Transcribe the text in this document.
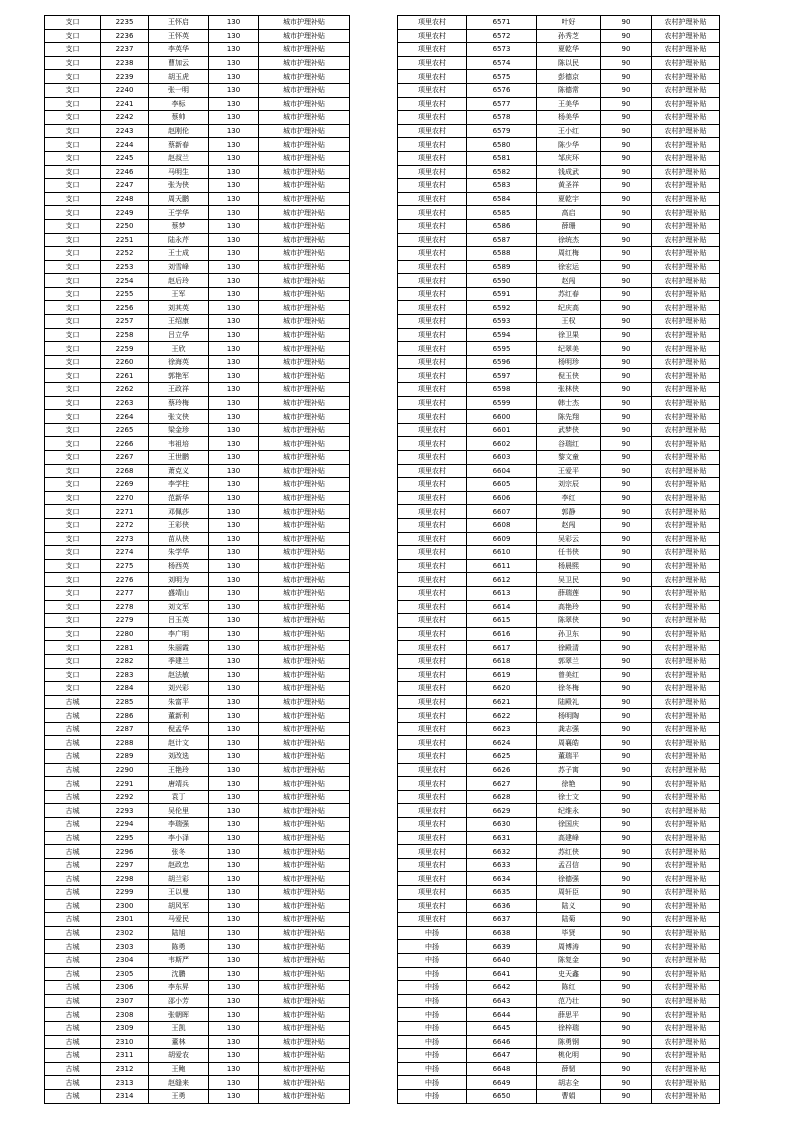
支口	2235	王怀启	130	城市护理补贴
支口	2236	王怀英	130	城市护理补贴
支口	2237	李英华	130	城市护理补贴
支口	2238	曹加云	130	城市护理补贴
支口	2239	胡玉虎	130	城市护理补贴
支口	2240	张一明	130	城市护理补贴
支口	2241	李标	130	城市护理补贴
支口	2242	蔡帅	130	城市护理补贴
支口	2243	赵刚伦	130	城市护理补贴
支口	2244	蔡新春	130	城市护理补贴
支口	2245	赵叔兰	130	城市护理补贴
支口	2246	马明生	130	城市护理补贴
支口	2247	张为侠	130	城市护理补贴
支口	2248	周天鹏	130	城市护理补贴
支口	2249	王学华	130	城市护理补贴
支口	2250	蔡梦	130	城市护理补贴
支口	2251	陆永芹	130	城市护理补贴
支口	2252	王士成	130	城市护理补贴
支口	2253	刘雪峰	130	城市护理补贴
支口	2254	赵后玲	130	城市护理补贴
支口	2255	王军	130	城市护理补贴
支口	2256	刘其英	130	城市护理补贴
支口	2257	王绍康	130	城市护理补贴
支口	2258	吕立华	130	城市护理补贴
支口	2259	王欣	130	城市护理补贴
支口	2260	徐海英	130	城市护理补贴
支口	2261	郭艳军	130	城市护理补贴
支口	2262	王政祥	130	城市护理补贴
支口	2263	蔡玲梅	130	城市护理补贴
支口	2264	张文侠	130	城市护理补贴
支口	2265	梁金珍	130	城市护理补贴
支口	2266	韦祖培	130	城市护理补贴
支口	2267	王世鹏	130	城市护理补贴
支口	2268	萧克义	130	城市护理补贴
支口	2269	李学柱	130	城市护理补贴
支口	2270	范新华	130	城市护理补贴
支口	2271	邓佩莎	130	城市护理补贴
支口	2272	王彩侠	130	城市护理补贴
支口	2273	苗从侠	130	城市护理补贴
支口	2274	朱学华	130	城市护理补贴
支口	2275	杨西英	130	城市护理补贴
支口	2276	刘明为	130	城市护理补贴
支口	2277	盛靖山	130	城市护理补贴
支口	2278	刘文军	130	城市护理补贴
支口	2279	吕玉英	130	城市护理补贴
支口	2280	李广明	130	城市护理补贴
支口	2281	朱丽霞	130	城市护理补贴
支口	2282	季建兰	130	城市护理补贴
支口	2283	赵法敏	130	城市护理补贴
支口	2284	刘兴彩	130	城市护理补贴
古城	2285	朱富平	130	城市护理补贴
古城	2286	董新利	130	城市护理补贴
古城	2287	倪孟华	130	城市护理补贴
古城	2288	赵计文	130	城市护理补贴
古城	2289	刘改选	130	城市护理补贴
古城	2290	王艳玲	130	城市护理补贴
古城	2291	唐靖兵	130	城市护理补贴
古城	2292	袁丁	130	城市护理补贴
古城	2293	吴伦里	130	城市护理补贴
古城	2294	李瑞强	130	城市护理补贴
古城	2295	李小泽	130	城市护理补贴
古城	2296	张冬	130	城市护理补贴
古城	2297	赵政忠	130	城市护理补贴
古城	2298	胡兰彩	130	城市护理补贴
古城	2299	王以曼	130	城市护理补贴
古城	2300	胡风军	130	城市护理补贴
古城	2301	马爱民	130	城市护理补贴
古城	2302	陆旭	130	城市护理补贴
古城	2303	陈勇	130	城市护理补贴
古城	2304	韦斯严	130	城市护理补贴
古城	2305	沈鹏	130	城市护理补贴
古城	2306	李东昇	130	城市护理补贴
古城	2307	邵小芳	130	城市护理补贴
古城	2308	张朝晖	130	城市护理补贴
古城	2309	王凯	130	城市护理补贴
古城	2310	董林	130	城市护理补贴
古城	2311	胡爱农	130	城市护理补贴
古城	2312	王鲍	130	城市护理补贴
古城	2313	赵缝来	130	城市护理补贴
古城	2314	王勇	130	城市护理补贴
项里农村	6571	叶好	90	农村护理补贴
项里农村	6572	孙秀芝	90	农村护理补贴
项里农村	6573	夏乾华	90	农村护理补贴
项里农村	6574	陈以民	90	农村护理补贴
项里农村	6575	彭德京	90	农村护理补贴
项里农村	6576	陈德常	90	农村护理补贴
项里农村	6577	王美华	90	农村护理补贴
项里农村	6578	杨美华	90	农村护理补贴
项里农村	6579	王小红	90	农村护理补贴
项里农村	6580	陈少华	90	农村护理补贴
项里农村	6581	邹庆环	90	农村护理补贴
项里农村	6582	钱成武	90	农村护理补贴
项里农村	6583	黄圣祥	90	农村护理补贴
项里农村	6584	夏乾宇	90	农村护理补贴
项里农村	6585	高启	90	农村护理补贴
项里农村	6586	薛珊	90	农村护理补贴
项里农村	6587	徐统杰	90	农村护理补贴
项里农村	6588	周红梅	90	农村护理补贴
项里农村	6589	徐宏运	90	农村护理补贴
项里农村	6590	赵闯	90	农村护理补贴
项里农村	6591	苏红春	90	农村护理补贴
项里农村	6592	纪庆高	90	农村护理补贴
项里农村	6593	王权	90	农村护理补贴
项里农村	6594	徐卫果	90	农村护理补贴
项里农村	6595	纪翠美	90	农村护理补贴
项里农村	6596	杨明珍	90	农村护理补贴
项里农村	6597	倪玉侠	90	农村护理补贴
项里农村	6598	张林侠	90	农村护理补贴
项里农村	6599	韩士杰	90	农村护理补贴
项里农村	6600	陈先翔	90	农村护理补贴
项里农村	6601	武梦侠	90	农村护理补贴
项里农村	6602	谷瑞红	90	农村护理补贴
项里农村	6603	黎文童	90	农村护理补贴
项里农村	6604	王爱平	90	农村护理补贴
项里农村	6605	刘宗辰	90	农村护理补贴
项里农村	6606	李红	90	农村护理补贴
项里农村	6607	郭静	90	农村护理补贴
项里农村	6608	赵闯	90	农村护理补贴
项里农村	6609	吴彩云	90	农村护理补贴
项里农村	6610	任书侠	90	农村护理补贴
项里农村	6611	杨晨熙	90	农村护理补贴
项里农村	6612	吴卫民	90	农村护理补贴
项里农村	6613	薛瑞莲	90	农村护理补贴
项里农村	6614	高艳玲	90	农村护理补贴
项里农村	6615	陈翠侠	90	农村护理补贴
项里农村	6616	孙卫东	90	农村护理补贴
项里农村	6617	徐殿清	90	农村护理补贴
项里农村	6618	郭翠兰	90	农村护理补贴
项里农村	6619	曾美红	90	农村护理补贴
项里农村	6620	徐冬梅	90	农村护理补贴
项里农村	6621	陆殿礼	90	农村护理补贴
项里农村	6622	杨明陶	90	农村护理补贴
项里农村	6623	龚志强	90	农村护理补贴
项里农村	6624	周襄皓	90	农村护理补贴
项里农村	6625	董瑞平	90	农村护理补贴
项里农村	6626	苏子寓	90	农村护理补贴
项里农村	6627	徐艳	90	农村护理补贴
项里农村	6628	徐士文	90	农村护理补贴
项里农村	6629	纪维永	90	农村护理补贴
项里农村	6630	徐国庆	90	农村护理补贴
项里农村	6631	高建峰	90	农村护理补贴
项里农村	6632	苏红侠	90	农村护理补贴
项里农村	6633	孟召信	90	农村护理补贴
项里农村	6634	徐德强	90	农村护理补贴
项里农村	6635	周轩臣	90	农村护理补贴
项里农村	6636	陆义	90	农村护理补贴
项里农村	6637	陆菊	90	农村护理补贴
中扬	6638	毕贤	90	农村护理补贴
中扬	6639	周博涛	90	农村护理补贴
中扬	6640	陈复金	90	农村护理补贴
中扬	6641	史天鑫	90	农村护理补贴
中扬	6642	陈红	90	农村护理补贴
中扬	6643	范乃壮	90	农村护理补贴
中扬	6644	薛思平	90	农村护理补贴
中扬	6645	徐梓瑞	90	农村护理补贴
中扬	6646	陈勇钢	90	农村护理补贴
中扬	6647	桃化明	90	农村护理补贴
中扬	6648	薛韧	90	农村护理补贴
中扬	6649	胡志全	90	农村护理补贴
中扬	6650	曹娟	90	农村护理补贴
